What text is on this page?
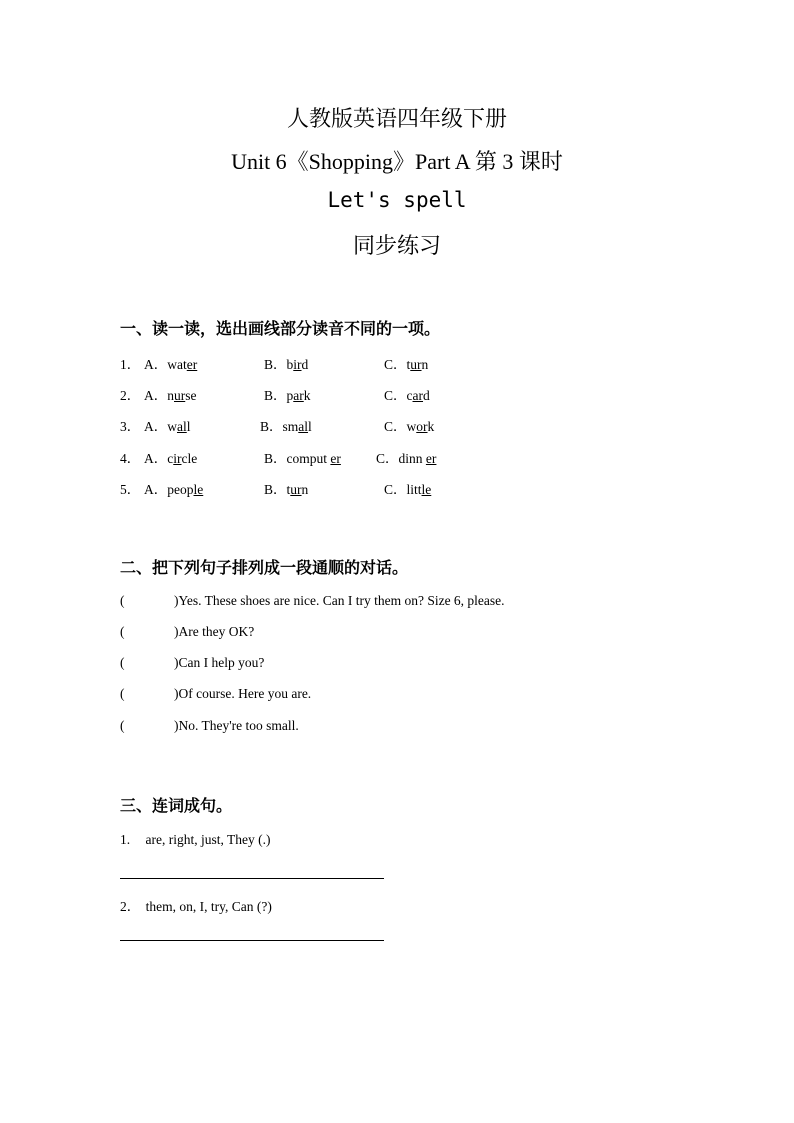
人教版英语四年级下册
Unit 6《Shopping》Part A 第 3 课时
Let's spell
同步练习
一、读一读，选出画线部分读音不同的一项。
1． A．water	B．bird	C．turn
2． A．nurse	B．park	C．card
3． A．wall	B．small	C．work
4． A．circle	B．comput er	C．dinn er
5． A．people	B．turn	C．little
二、把下列句子排列成一段通顺的对话。
(	)Yes. These shoes are nice. Can I try them on? Size 6, please.
(	)Are they OK?
(	)Can I help you?
(	)Of course. Here you are.
(	)No. They're too small.
三、连词成句。
1. are, right, just, They (.)
2． them, on, I, try, Can (?)
